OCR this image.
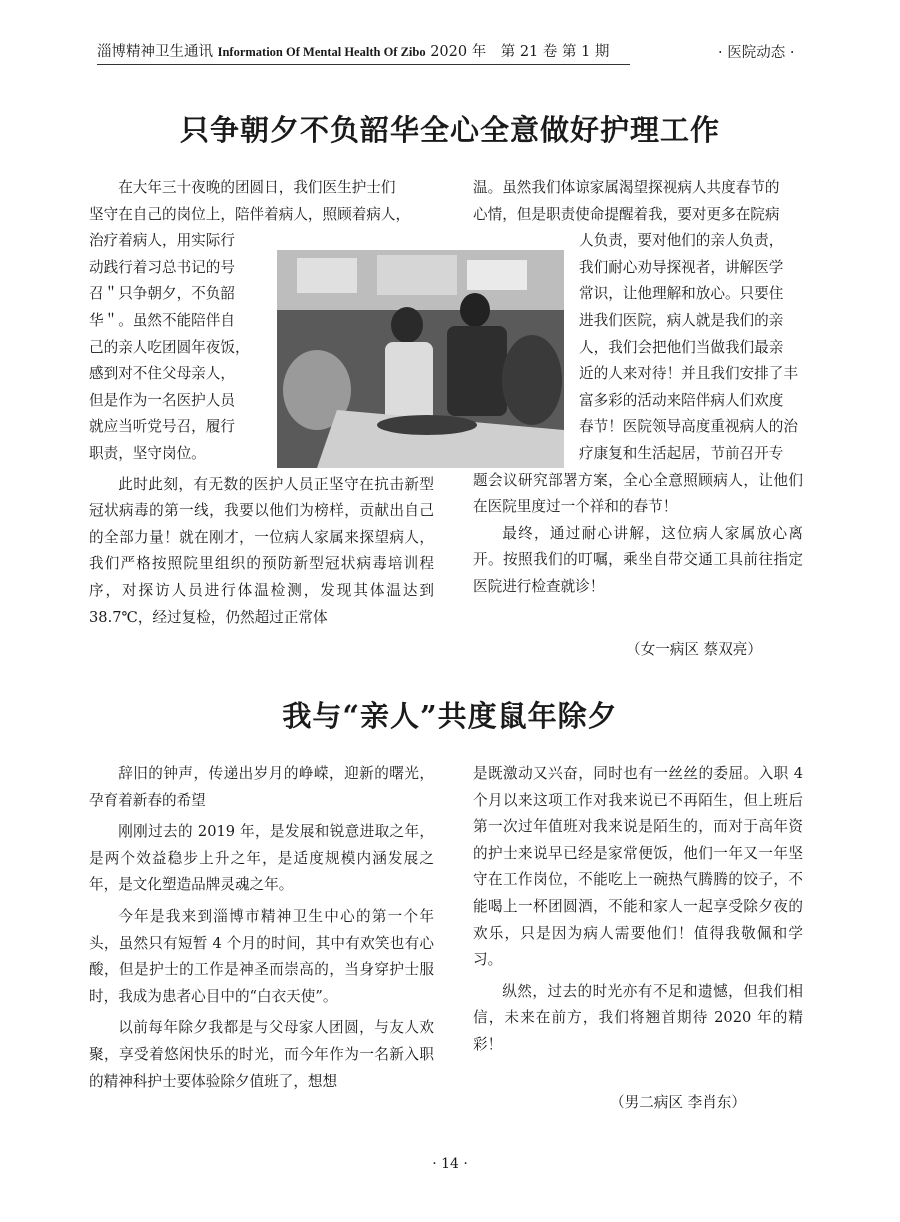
淄博精神卫生通讯 Information Of Mental Health Of Zibo 2020 年　第 21 卷 第 1 期	· 医院动态 ·
只争朝夕不负韶华全心全意做好护理工作

在大年三十夜晚的团圆日，我们医生护士们

坚守在自己的岗位上，陪伴着病人，照顾着病人，

治疗着病人，用实际行

动践行着习总书记的号

召＂只争朝夕，不负韶

华＂。虽然不能陪伴自

己的亲人吃团圆年夜饭，

感到对不住父母亲人，

但是作为一名医护人员

就应当听党号召，履行

职责，坚守岗位。

此时此刻，有无数的医护人员正坚守在抗击新型冠状病毒的第一线，我要以他们为榜样，贡献出自己的全部力量！就在刚才，一位病人家属来探望病人，我们严格按照院里组织的预防新型冠状病毒培训程序，对探访人员进行体温检测，发现其体温达到 38.7℃，经过复检，仍然超过正常体

温。虽然我们体谅家属渴望探视病人共度春节的

心情，但是职责使命提醒着我，要对更多在院病

人负责，要对他们的亲人负责，

我们耐心劝导探视者，讲解医学

常识，让他理解和放心。只要住

进我们医院，病人就是我们的亲

人，我们会把他们当做我们最亲

近的人来对待！并且我们安排了丰

富多彩的活动来陪伴病人们欢度

春节！医院领导高度重视病人的治

疗康复和生活起居，节前召开专

题会议研究部署方案，全心全意照顾病人，让他们在医院里度过一个祥和的春节！

最终，通过耐心讲解，这位病人家属放心离开。按照我们的叮嘱，乘坐自带交通工具前往指定医院进行检查就诊！

（女一病区 蔡双亮）
我与“亲人”共度鼠年除夕

辞旧的钟声，传递出岁月的峥嵘，迎新的曙光，孕育着新春的希望

刚刚过去的 2019 年，是发展和锐意进取之年，是两个效益稳步上升之年，是适度规模内涵发展之年，是文化塑造品牌灵魂之年。

今年是我来到淄博市精神卫生中心的第一个年头，虽然只有短暂 4 个月的时间，其中有欢笑也有心酸，但是护士的工作是神圣而崇高的，当身穿护士服时，我成为患者心目中的“白衣天使”。

以前每年除夕我都是与父母家人团圆，与友人欢聚，享受着悠闲快乐的时光，而今年作为一名新入职的精神科护士要体验除夕值班了，想想

是既激动又兴奋，同时也有一丝丝的委屈。入职 4 个月以来这项工作对我来说已不再陌生，但上班后第一次过年值班对我来说是陌生的，而对于高年资的护士来说早已经是家常便饭，他们一年又一年坚守在工作岗位，不能吃上一碗热气腾腾的饺子，不能喝上一杯团圆酒，不能和家人一起享受除夕夜的欢乐，只是因为病人需要他们！值得我敬佩和学习。

纵然，过去的时光亦有不足和遗憾，但我们相信，未来在前方，我们将翘首期待 2020 年的精彩！

（男二病区 李肖东）
· 14 ·
